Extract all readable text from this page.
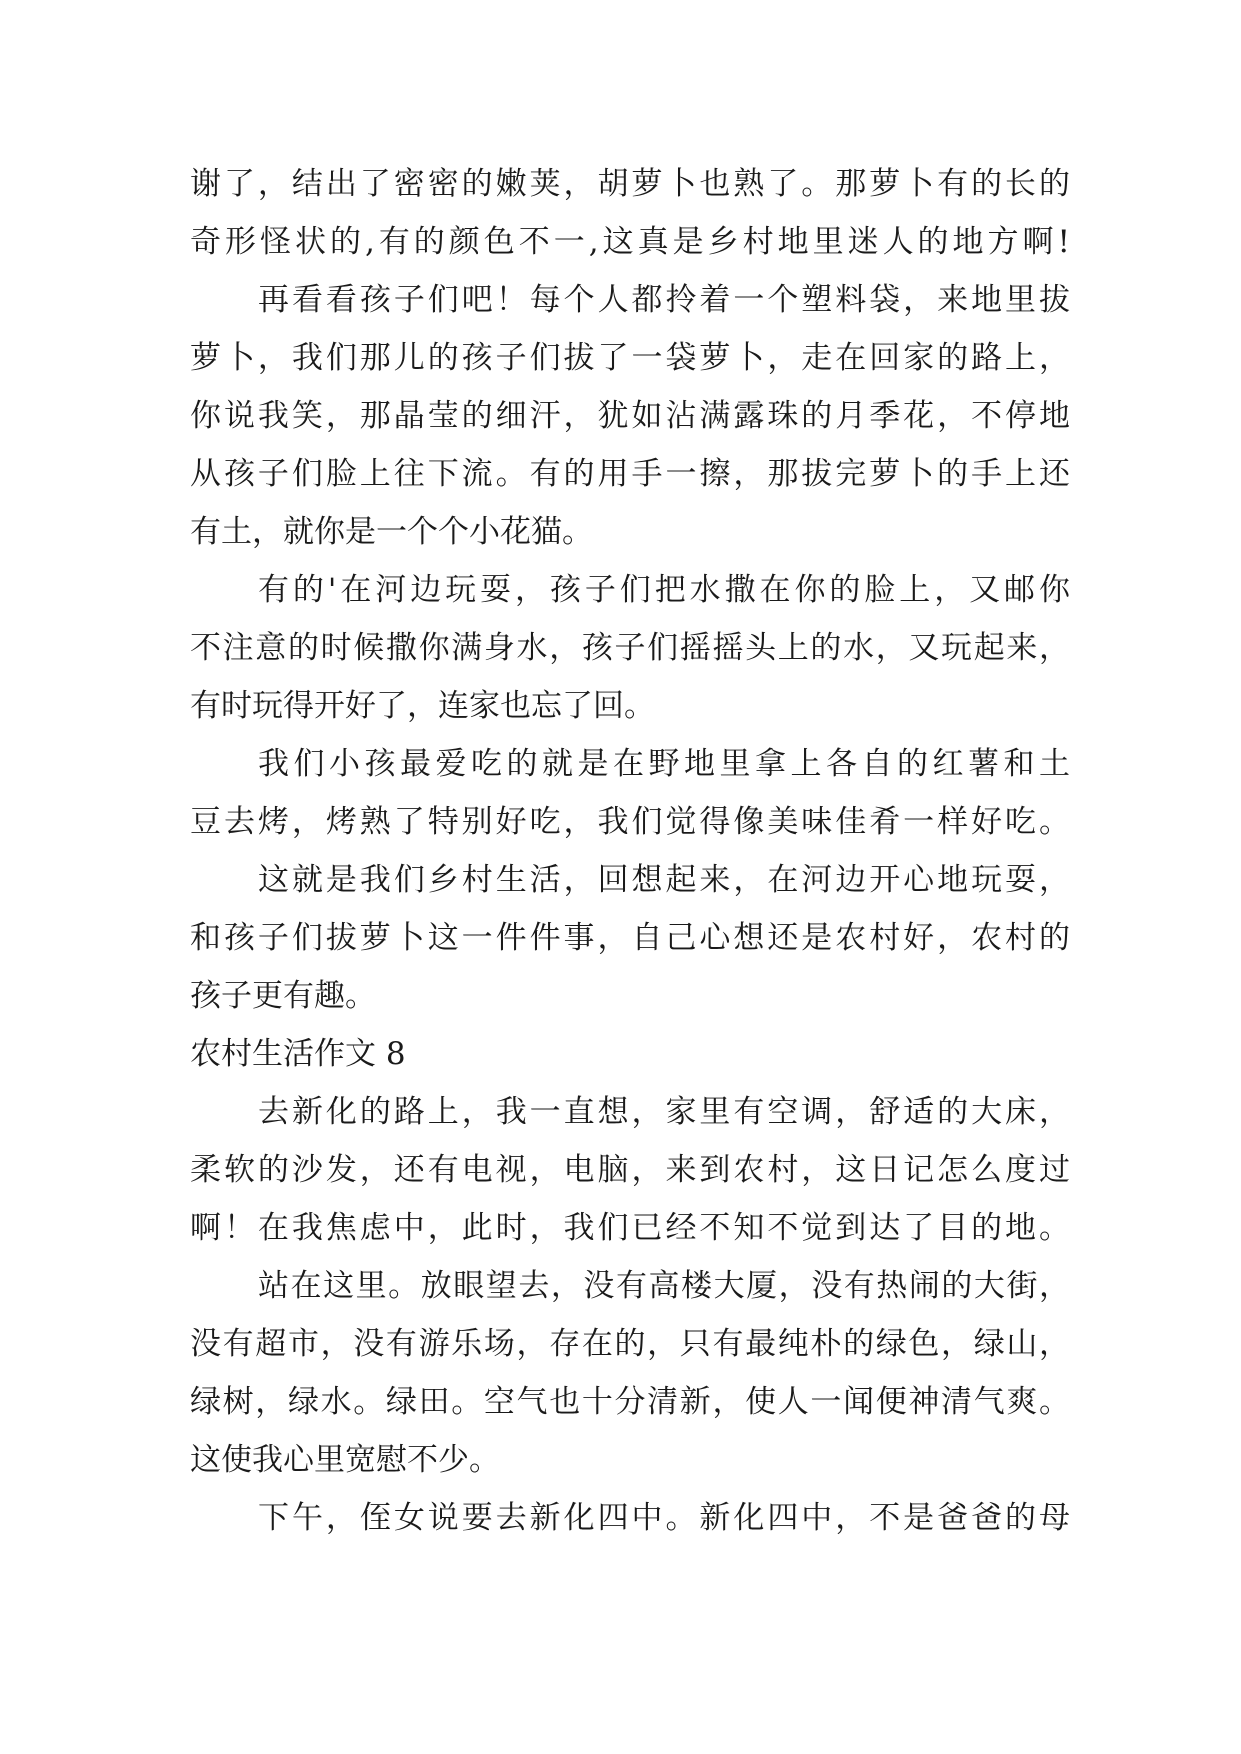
谢了，结出了密密的嫩荚，胡萝卜也熟了。那萝卜有的长的
奇形怪状的,有的颜色不一,这真是乡村地里迷人的地方啊!
再看看孩子们吧！每个人都拎着一个塑料袋，来地里拔
萝卜，我们那儿的孩子们拔了一袋萝卜，走在回家的路上，
你说我笑，那晶莹的细汗，犹如沾满露珠的月季花，不停地
从孩子们脸上往下流。有的用手一擦，那拔完萝卜的手上还
有土，就你是一个个小花猫。
有的'在河边玩耍，孩子们把水撒在你的脸上，又邮你
不注意的时候撒你满身水，孩子们摇摇头上的水，又玩起来，
有时玩得开好了，连家也忘了回。
我们小孩最爱吃的就是在野地里拿上各自的红薯和土
豆去烤，烤熟了特别好吃，我们觉得像美味佳肴一样好吃。
这就是我们乡村生活，回想起来，在河边开心地玩耍，
和孩子们拔萝卜这一件件事，自己心想还是农村好，农村的
孩子更有趣。
农村生活作文 8
去新化的路上，我一直想，家里有空调，舒适的大床，
柔软的沙发，还有电视，电脑，来到农村，这日记怎么度过
啊！在我焦虑中，此时，我们已经不知不觉到达了目的地。
站在这里。放眼望去，没有高楼大厦，没有热闹的大街，
没有超市，没有游乐场，存在的，只有最纯朴的绿色，绿山，
绿树，绿水。绿田。空气也十分清新，使人一闻便神清气爽。
这使我心里宽慰不少。
下午，侄女说要去新化四中。新化四中，不是爸爸的母
